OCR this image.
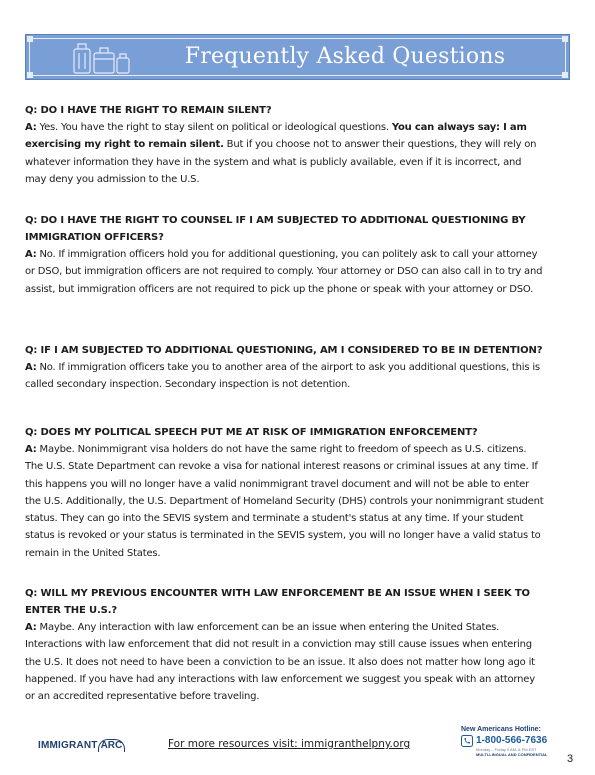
Frequently Asked Questions

Q: DO I HAVE THE RIGHT TO REMAIN SILENT?

A: Yes. You have the right to stay silent on political or ideological questions. You can always say: I am exercising my right to remain silent. But if you choose not to answer their questions, they will rely on whatever information they have in the system and what is publicly available, even if it is incorrect, and may deny you admission to the U.S.

Q: DO I HAVE THE RIGHT TO COUNSEL IF I AM SUBJECTED TO ADDITIONAL QUESTIONING BY IMMIGRATION OFFICERS?

A: No. If immigration officers hold you for additional questioning, you can politely ask to call your attorney or DSO, but immigration officers are not required to comply. Your attorney or DSO can also call in to try and assist, but immigration officers are not required to pick up the phone or speak with your attorney or DSO.

Q: IF I AM SUBJECTED TO ADDITIONAL QUESTIONING, AM I CONSIDERED TO BE IN DETENTION?

A: No. If immigration officers take you to another area of the airport to ask you additional questions, this is called secondary inspection. Secondary inspection is not detention.

Q: DOES MY POLITICAL SPEECH PUT ME AT RISK OF IMMIGRATION ENFORCEMENT?

A: Maybe. Nonimmigrant visa holders do not have the same right to freedom of speech as U.S. citizens. The U.S. State Department can revoke a visa for national interest reasons or criminal issues at any time. If this happens you will no longer have a valid nonimmigrant travel document and will not be able to enter the U.S. Additionally, the U.S. Department of Homeland Security (DHS) controls your nonimmigrant student status. They can go into the SEVIS system and terminate a student's status at any time. If your student status is revoked or your status is terminated in the SEVIS system, you will no longer have a valid status to remain in the United States.

Q: WILL MY PREVIOUS ENCOUNTER WITH LAW ENFORCEMENT BE AN ISSUE WHEN I SEEK TO ENTER THE U.S.?

A: Maybe. Any interaction with law enforcement can be an issue when entering the United States. Interactions with law enforcement that did not result in a conviction may still cause issues when entering the U.S. It does not need to have been a conviction to be an issue. It also does not matter how long ago it happened. If you have had any interactions with law enforcement we suggest you speak with an attorney or an accredited representative before traveling.

IMMIGRANT ARC	For more resources visit: immigranthelpny.org
New Americans Hotline:
1-800-566-7636
Monday – Friday 9 AM–8 PM EST
MULTI-LINGUAL AND CONFIDENTIAL	3
